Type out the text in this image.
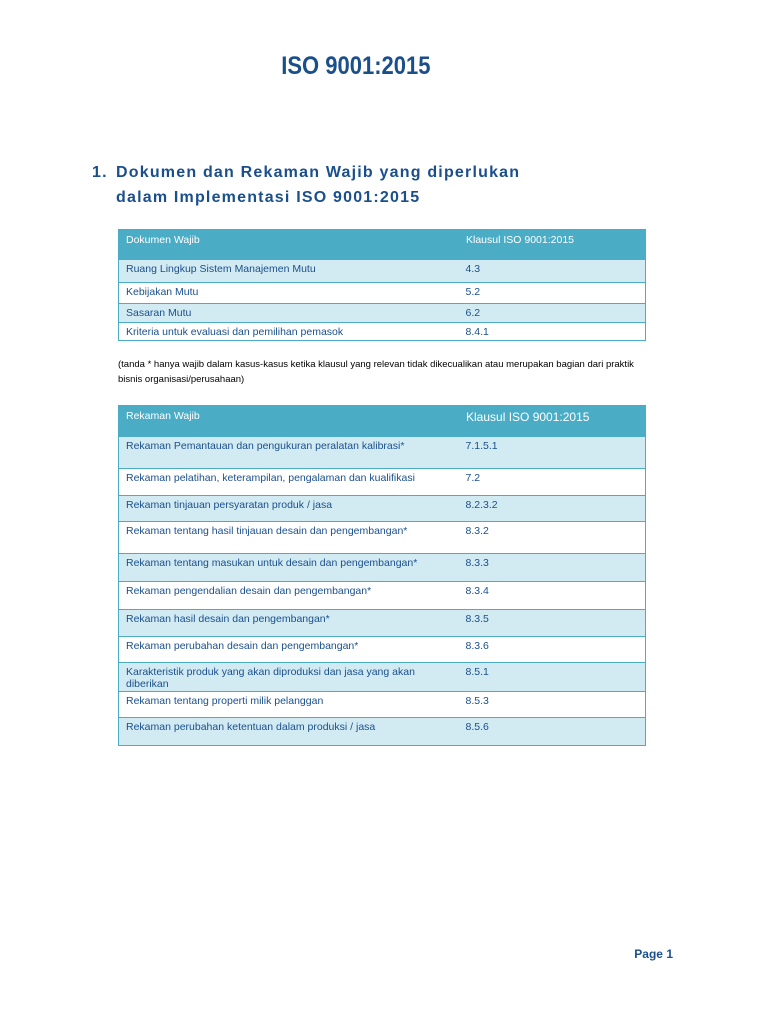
ISO 9001:2015
1. Dokumen dan Rekaman Wajib yang diperlukan dalam Implementasi ISO 9001:2015
Dokumen Wajib	Klausul ISO 9001:2015
Ruang Lingkup Sistem Manajemen Mutu	4.3
Kebijakan Mutu	5.2
Sasaran Mutu	6.2
Kriteria untuk evaluasi dan pemilihan pemasok	8.4.1
(tanda * hanya wajib dalam kasus-kasus ketika klausul yang relevan tidak dikecualikan atau merupakan bagian dari praktik bisnis organisasi/perusahaan)
Rekaman Wajib	Klausul ISO 9001:2015
Rekaman Pemantauan dan pengukuran peralatan kalibrasi*	7.1.5.1
Rekaman pelatihan, keterampilan, pengalaman dan kualifikasi	7.2
Rekaman tinjauan persyaratan produk / jasa	8.2.3.2
Rekaman tentang hasil tinjauan desain dan pengembangan*	8.3.2
Rekaman tentang masukan untuk desain dan pengembangan*	8.3.3
Rekaman pengendalian desain dan pengembangan*	8.3.4
Rekaman hasil desain dan pengembangan*	8.3.5
Rekaman perubahan desain dan pengembangan*	8.3.6
Karakteristik produk yang akan diproduksi dan jasa yang akan diberikan	8.5.1
Rekaman tentang properti milik pelanggan	8.5.3
Rekaman perubahan ketentuan dalam produksi / jasa	8.5.6
Page 1
